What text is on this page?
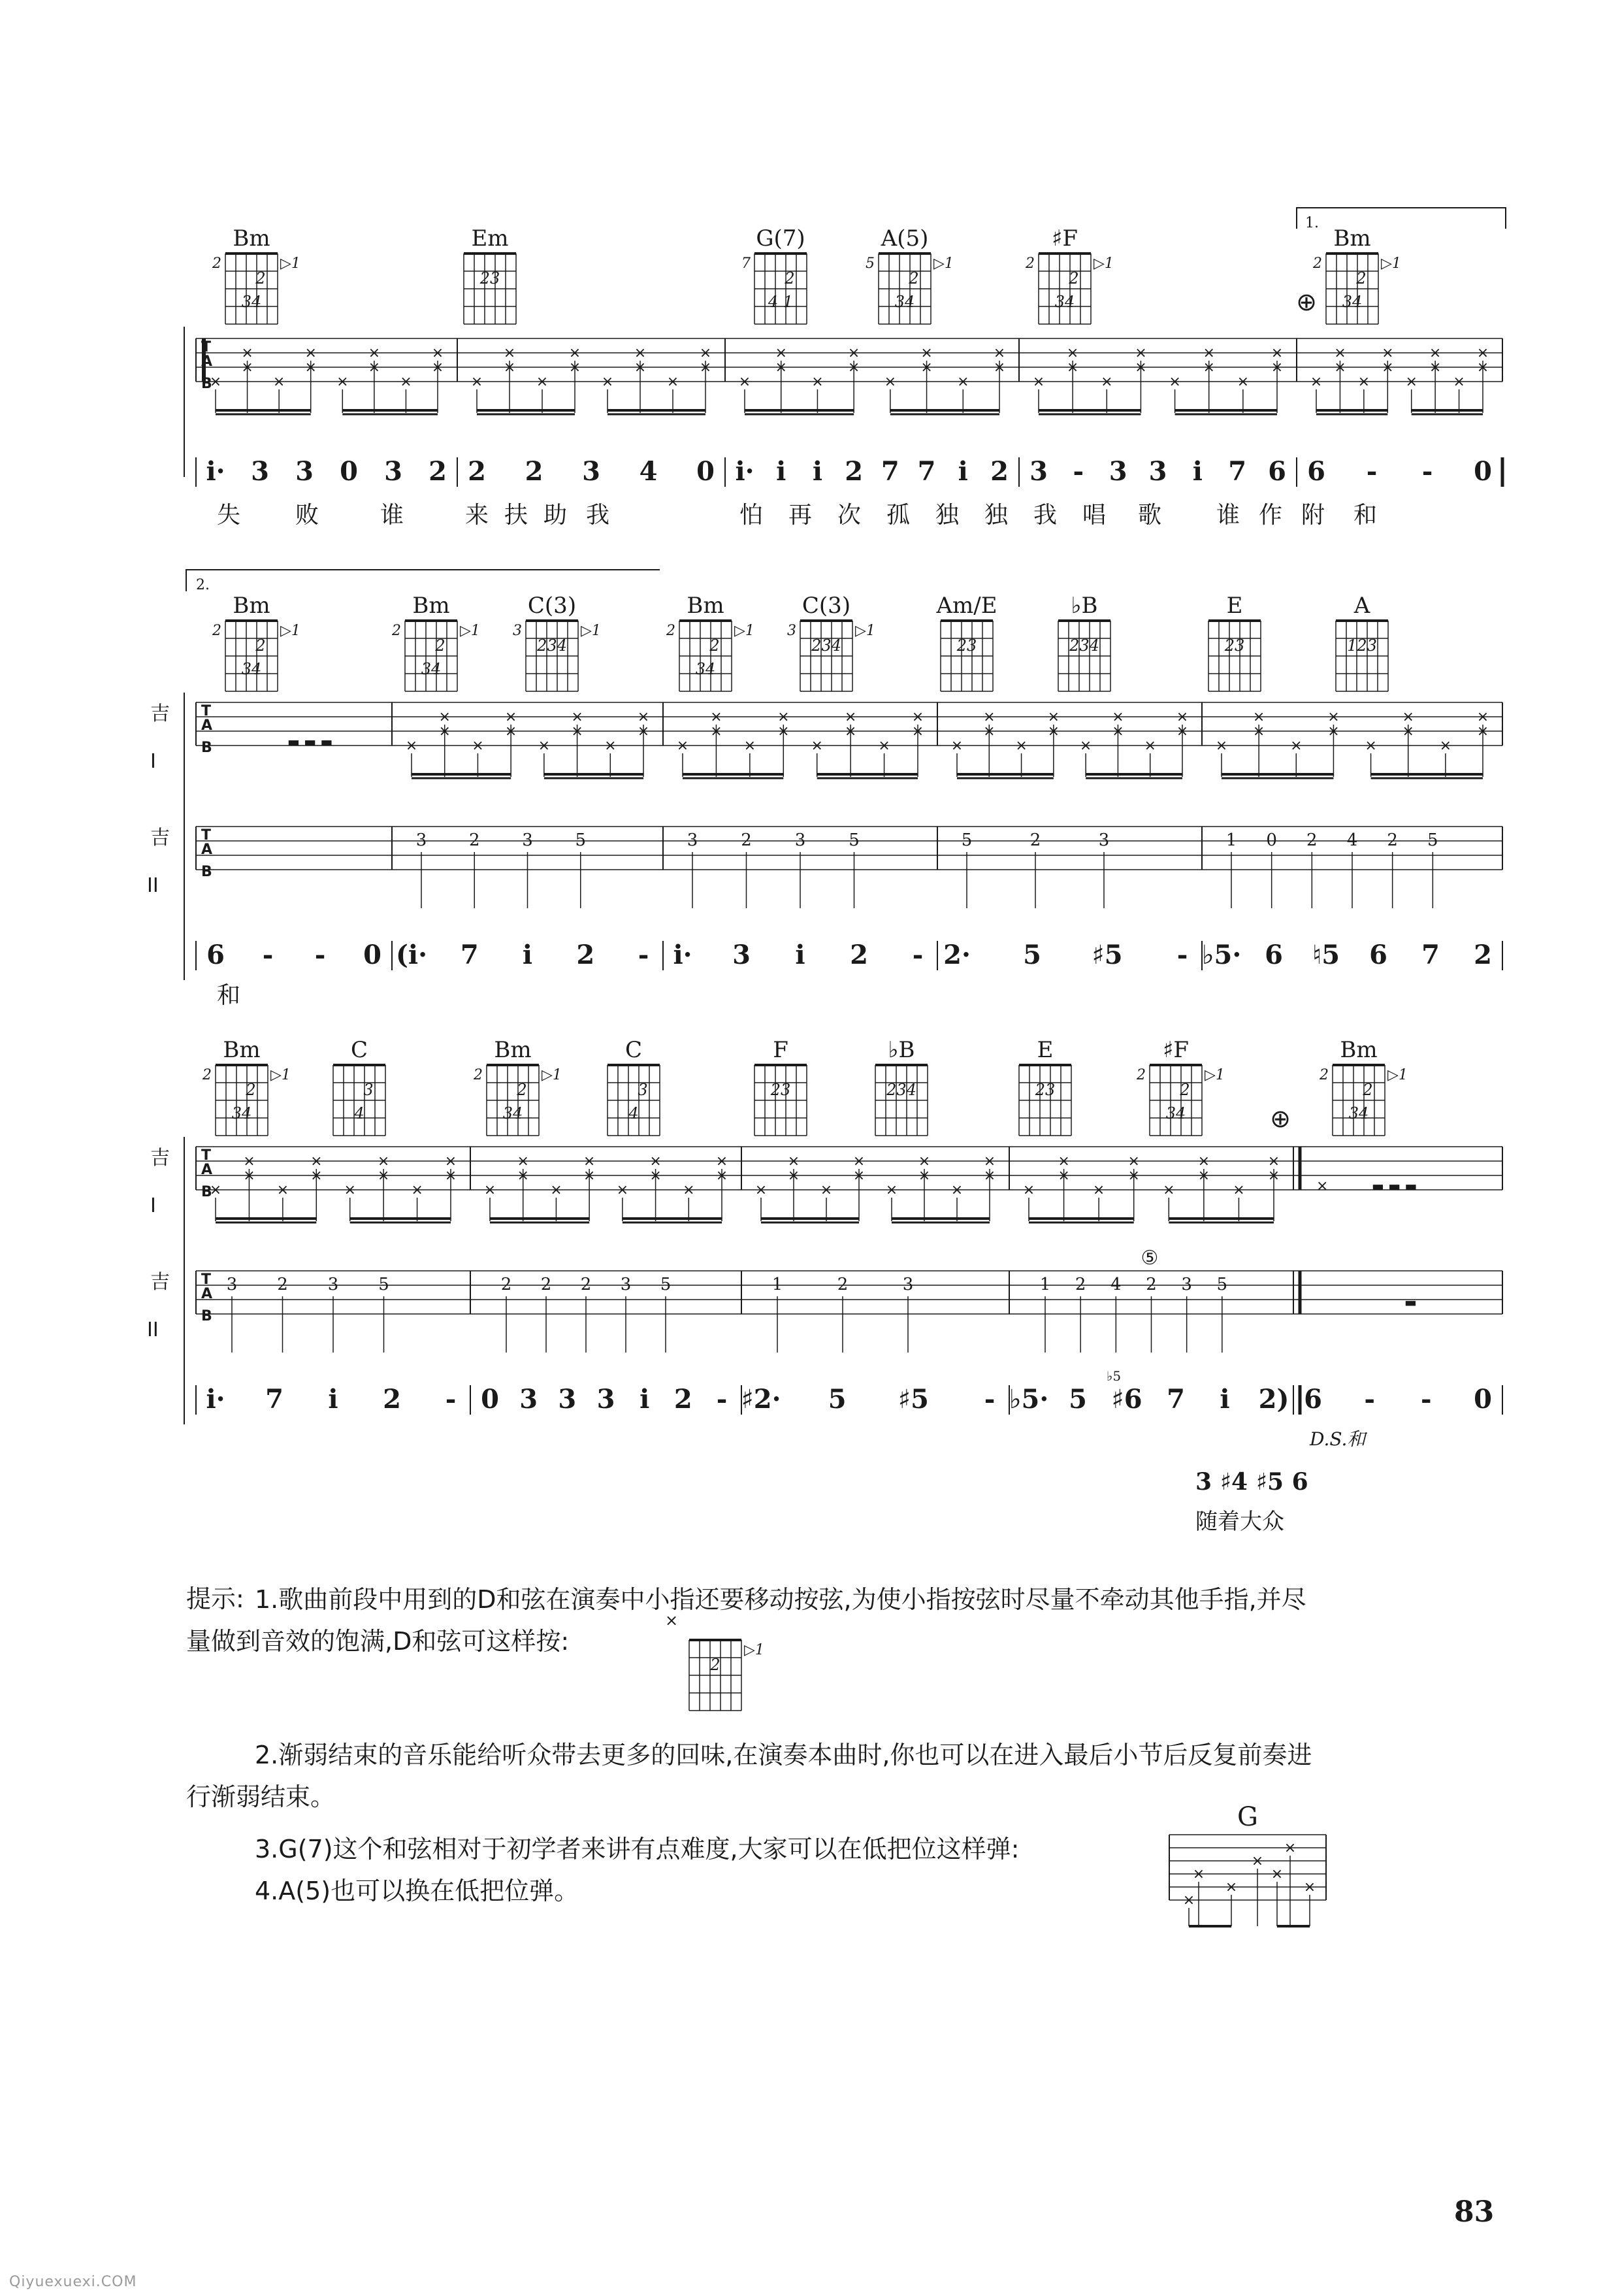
Bm
2	▷1
2
34
Em
23
G(7)
7
2
4 1
A(5)
5	▷1
2
34
♯F
2	▷1
2
34
Bm
2	▷1
2
34
1.
T
A
B
×
×
×
×
×
×
×
×
×
×
×
×
×
×
×
×
×
×
×
×
×
×
×
×
×
×
×
×
×
×
×
×
×
×
×
×
×
×
×
×
×
×
×
×
×
×
×
×
×
×
×
×
×
×
×
×
×
×
×
×
⊕
i· 3 3 0 3 2 2 2 3 4 0 i· i i 2 7 7 i 2 3 - 3 3 i 7 6 6 - - 0
失 败	谁	来 扶 助 我	怕 再 次 孤 独 独 我 唱 歌 谁 作 附 和
2.
Bm
2	▷1
2
34
Bm
2	▷1
2
34
C(3)
3	▷1
234
Bm
2	▷1
2
34
C(3)
3	▷1
234
Am/E
23
♭B
234
E
23
A
123
T
A
B	×
×
×
×
×
×
×
×
×
×
×
×
×
×
×
×
×
×
×
×
×
×
×
×
×
×
×
×
×
×
×
×
×
×
×
×
×
×
×
×
×
×
×
×
×
×
×
×
▬ ▬ ▬
T
A
B
吉
I
吉
II
3 2 3 5	3	2	3	5	5	2	3	1 0 2 4 2 5
6 - - 0 (i· 7 i 2 - i· 3 i 2 - 2· 5 ♯5 - ♭5· 6 ♮5 6 7 2
和
Bm
2	▷1
2
34
C
3
4
Bm
2	▷1
2
34
C
3
4
F
23
♭B
234
E
23
♯F
2	▷1
2
34
Bm
2	▷1
2
34
T
A
B
×
×
×
×
×
×
×
×
×
×
×
×
×
×
×
×
×
×
×
×
×
×
×
×
×
×
×
×
×
×
×
×
×
×
×
×
×
×
×
×
×
×
×
×
×
×
×
×
×	▬ ▬ ▬
⊕
T
A
B
吉
I
吉
II
3 2 3 5	2 2 2 3 5	1	2	3	1 2 4 2 3 5
▬
⑤
i· 7 i 2 - 0 3 3 3 i 2 - ♯2· 5 ♯5 - ♭5· 5 ♯6 7 i 2) 6 - - 0
♭5
D.S.和
3 ♯4 ♯5 6
随着大众
▷1
2
×
G
×
×
×
×
×
×
×
提示: 1.歌曲前段中用到的D和弦在演奏中小指还要移动按弦,为使小指按弦时尽量不牵动其他手指,并尽
量做到音效的饱满,D和弦可这样按:
2.渐弱结束的音乐能给听众带去更多的回味,在演奏本曲时,你也可以在进入最后小节后反复前奏进
行渐弱结束。
3.G(7)这个和弦相对于初学者来讲有点难度,大家可以在低把位这样弹:
4.A(5)也可以换在低把位弹。
83
Qiyuexuexi.COM
